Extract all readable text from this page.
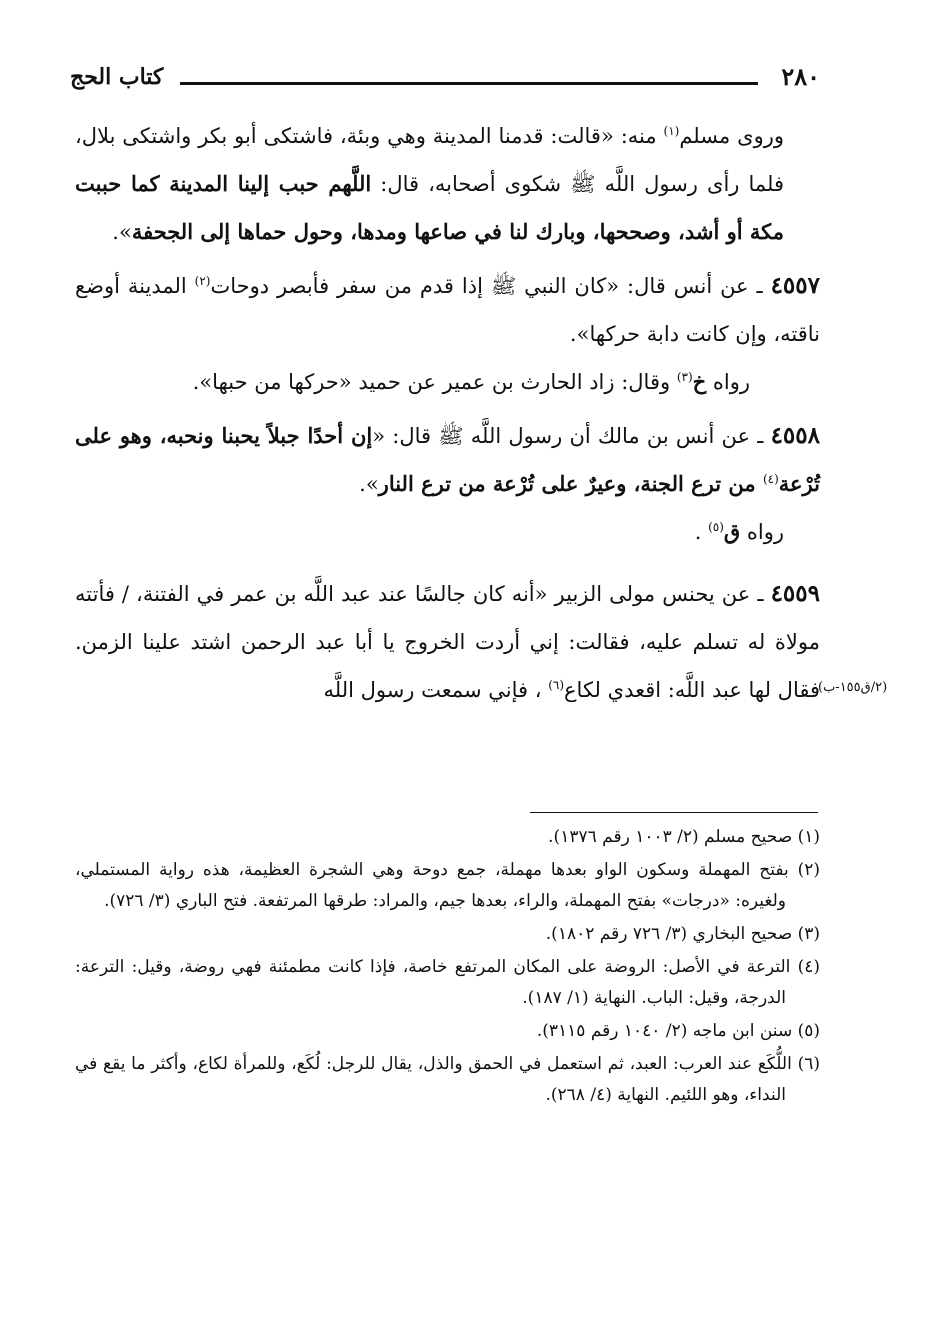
٢٨٠
كتاب الحج

وروى مسلم$^{(١)}$ منه: «قالت: قدمنا المدينة وهي وبئة، فاشتكى أبو بكر واشتكى بلال، فلما رأى رسول اللَّه ﷺ شكوى أصحابه، قال: اللَّهم حبب إلينا المدينة كما حببت مكة أو أشد، وصححها، وبارك لنا في صاعها ومدها، وحول حماها إلى الجحفة».

٤٥٥٧ ـ عن أنس قال: «كان النبي ﷺ إذا قدم من سفر فأبصر دوحات$^{(٢)}$ المدينة أوضع ناقته، وإن كانت دابة حركها».

رواه خ$^{(٣)}$ وقال: زاد الحارث بن عمير عن حميد «حركها من حبها».

٤٥٥٨ ـ عن أنس بن مالك أن رسول اللَّه ﷺ قال: «إن أحدًا جبلاً يحبنا ونحبه، وهو على تُرْعة$^{(٤)}$ من ترع الجنة، وعيرٌ على تُرْعة من ترع النار».

رواه ق$^{(٥)}$ .

٤٥٥٩ ـ عن يحنس مولى الزبير «أنه كان جالسًا عند عبد اللَّه بن عمر في الفتنة، / فأتته مولاة له تسلم عليه، فقالت: إني أردت الخروج يا أبا عبد الرحمن اشتد علينا الزمن. فقال لها عبد اللَّه: اقعدي لكاع$^{(٦)}$ ، فإني سمعت رسول اللَّه	(٢/ق١٥٥-ب)

(١) صحيح مسلم (٢/ ١٠٠٣ رقم ١٣٧٦).

(٢) بفتح المهملة وسكون الواو بعدها مهملة، جمع دوحة وهي الشجرة العظيمة، هذه رواية المستملي، ولغيره: «درجات» بفتح المهملة، والراء، بعدها جيم، والمراد: طرقها المرتفعة. فتح الباري (٣/ ٧٢٦).

(٣) صحيح البخاري (٣/ ٧٢٦ رقم ١٨٠٢).

(٤) الترعة في الأصل: الروضة على المكان المرتفع خاصة، فإذا كانت مطمئنة فهي روضة، وقيل: الترعة: الدرجة، وقيل: الباب. النهاية (١/ ١٨٧).

(٥) سنن ابن ماجه (٢/ ١٠٤٠ رقم ٣١١٥).

(٦) اللُّكَع عند العرب: العبد، ثم استعمل في الحمق والذل، يقال للرجل: لُكَع، وللمرأة لكاع، وأكثر ما يقع في النداء، وهو اللئيم. النهاية (٤/ ٢٦٨).
